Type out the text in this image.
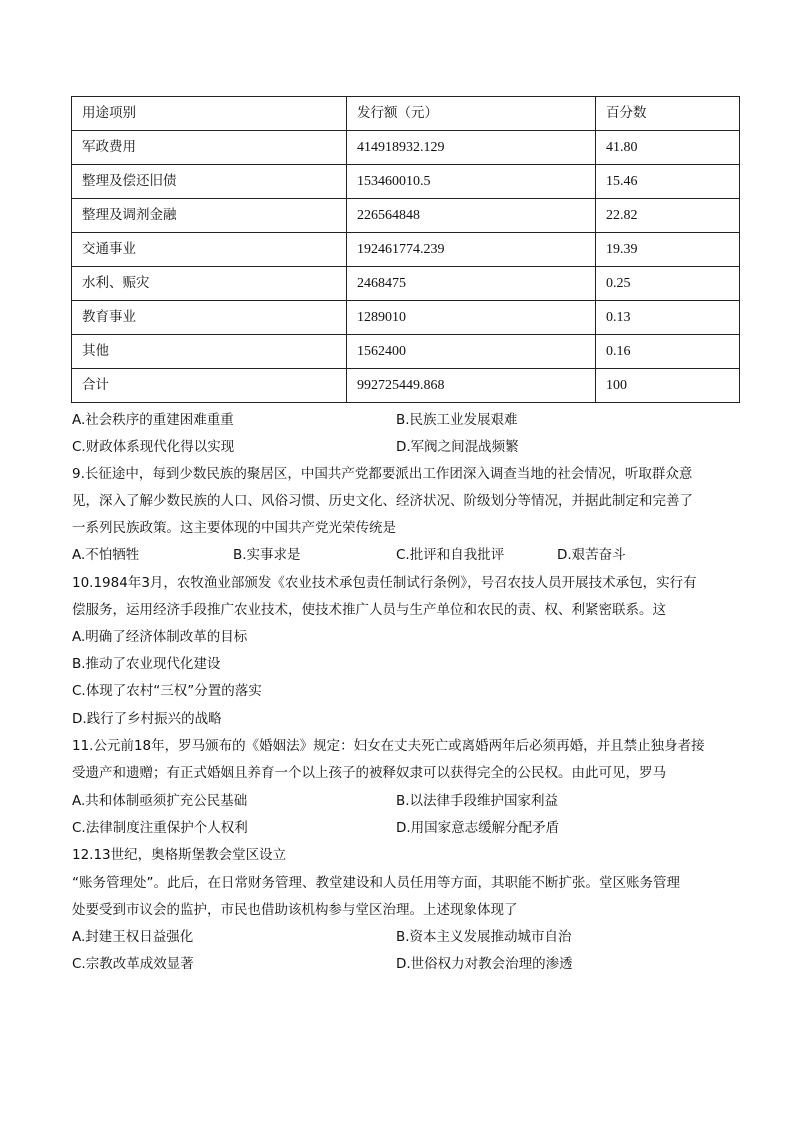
用途项别	发行额（元）	百分数
军政费用	414918932.129	41.80
整理及偿还旧债	153460010.5	15.46
整理及调剂金融	226564848	22.82
交通事业	192461774.239	19.39
水利、赈灾	2468475	0.25
教育事业	1289010	0.13
其他	1562400	0.16
合计	992725449.868	100
A.社会秩序的重建困难重重	B.民族工业发展艰难
C.财政体系现代化得以实现	D.军阀之间混战频繁
9.长征途中，每到少数民族的聚居区，中国共产党都要派出工作团深入调查当地的社会情况，听取群众意
见，深入了解少数民族的人口、风俗习惯、历史文化、经济状况、阶级划分等情况，并据此制定和完善了
一系列民族政策。这主要体现的中国共产党光荣传统是
A.不怕牺牲	B.实事求是	C.批评和自我批评	D.艰苦奋斗
10.1984年3月，农牧渔业部颁发《农业技术承包责任制试行条例》，号召农技人员开展技术承包，实行有
偿服务，运用经济手段推广农业技术，使技术推广人员与生产单位和农民的责、权、利紧密联系。这
A.明确了经济体制改革的目标
B.推动了农业现代化建设
C.体现了农村“三权”分置的落实
D.践行了乡村振兴的战略
11.公元前18年，罗马颁布的《婚姻法》规定：妇女在丈夫死亡或离婚两年后必须再婚，并且禁止独身者接
受遗产和遗赠；有正式婚姻且养育一个以上孩子的被释奴隶可以获得完全的公民权。由此可见，罗马
A.共和体制亟须扩充公民基础	B.以法律手段维护国家利益
C.法律制度注重保护个人权利	D.用国家意志缓解分配矛盾
12.13世纪，奥格斯堡教会堂区设立
“账务管理处”。此后，在日常财务管理、教堂建设和人员任用等方面，其职能不断扩张。堂区账务管理
处要受到市议会的监护，市民也借助该机构参与堂区治理。上述现象体现了
A.封建王权日益强化	B.资本主义发展推动城市自治
C.宗教改革成效显著	D.世俗权力对教会治理的渗透
